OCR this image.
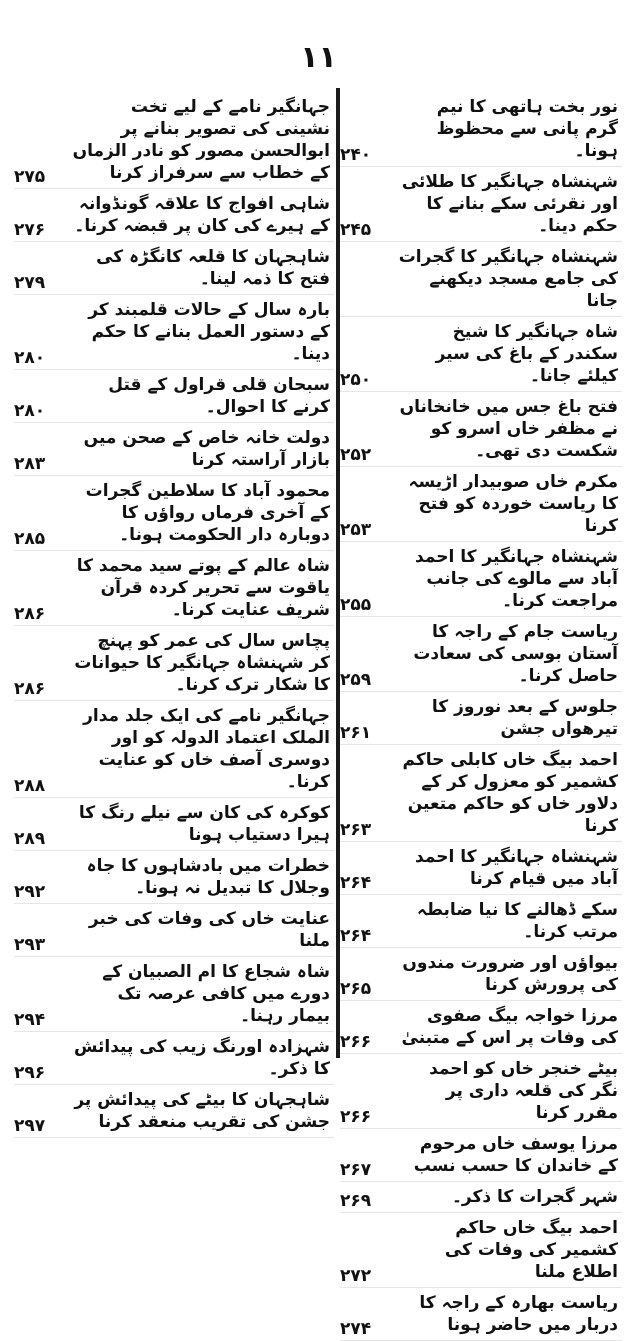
۱۱
نور بخت ہاتھی کا نیم گرم پانی سے محظوظ ہونا۔
۲۴۰
شہنشاہ جہانگیر کا طلائی اور نقرئی سکے بنانے کا حکم دینا۔
۲۴۵
شہنشاہ جہانگیر کا گجرات کی جامع مسجد دیکھنے جانا
شاہ جہانگیر کا شیخ سکندر کے باغ کی سیر کیلئے جانا۔
۲۵۰
فتح باغ جس میں خانخاناں نے مظفر خاں اسرو کو شکست دی تھی۔
۲۵۲
مکرم خاں صوبیدار اڑیسہ کا ریاست خوردہ کو فتح کرنا
۲۵۳
شہنشاہ جہانگیر کا احمد آباد سے مالوے کی جانب مراجعت کرنا۔
۲۵۵
ریاست جام کے راجہ کا آستان بوسی کی سعادت حاصل کرنا۔
۲۵۹
جلوس کے بعد نوروز کا تیرھواں جشن
۲۶۱
احمد بیگ خاں کابلی حاکم کشمیر کو معزول کر کے دلاور خاں کو حاکم متعین کرنا
۲۶۳
شہنشاہ جہانگیر کا احمد آباد میں قیام کرنا
۲۶۴
سکے ڈھالنے کا نیا ضابطہ مرتب کرنا۔
۲۶۴
بیواؤں اور ضرورت مندوں کی پرورش کرنا
۲۶۵
مرزا خواجہ بیگ صفوی کی وفات پر اس کے متبنیٰ
۲۶۶
بیٹے خنجر خاں کو احمد نگر کی قلعہ داری پر مقرر کرنا
۲۶۶
مرزا یوسف خاں مرحوم کے خاندان کا حسب نسب
۲۶۷
شہر گجرات کا ذکر۔
۲۶۹
احمد بیگ خاں حاکم کشمیر کی وفات کی اطلاع ملنا
۲۷۲
ریاست بھارہ کے راجہ کا دربار میں حاضر ہونا
۲۷۴
جہانگیر نامے کے لیے تخت نشینی کی تصویر بنانے پر ابوالحسن مصور کو نادر الزماں کے خطاب سے سرفراز کرنا
۲۷۵
شاہی افواج کا علاقہ گونڈوانہ کے ہیرے کی کان پر قبضہ کرنا۔
۲۷۶
شاہجہان کا قلعہ کانگڑہ کی فتح کا ذمہ لینا۔
۲۷۹
بارہ سال کے حالات قلمبند کر کے دستور العمل بنانے کا حکم دینا۔
۲۸۰
سبحان قلی قراول کے قتل کرنے کا احوال۔
۲۸۰
دولت خانہ خاص کے صحن میں بازار آراستہ کرنا
۲۸۳
محمود آباد کا سلاطین گجرات کے آخری فرماں رواؤں کا دوبارہ دار الحکومت ہونا۔
۲۸۵
شاہ عالم کے پوتے سید محمد کا یاقوت سے تحریر کردہ قرآن شریف عنایت کرنا۔
۲۸۶
پچاس سال کی عمر کو پہنچ کر شہنشاہ جہانگیر کا حیوانات کا شکار ترک کرنا۔
۲۸۶
جہانگیر نامے کی ایک جلد مدار الملک اعتماد الدولہ کو اور دوسری آصف خاں کو عنایت کرنا۔
۲۸۸
کوکرہ کی کان سے نیلے رنگ کا ہیرا دستیاب ہونا
۲۸۹
خطرات میں بادشاہوں کا جاہ وجلال کا تبدیل نہ ہونا۔
۲۹۲
عنایت خاں کی وفات کی خبر ملنا
۲۹۳
شاہ شجاع کا ام الصبیان کے دورے میں کافی عرصہ تک بیمار رہنا۔
۲۹۴
شہزادہ اورنگ زیب کی پیدائش کا ذکر۔
۲۹۶
شاہجہان کا بیٹے کی پیدائش پر جشن کی تقریب منعقد کرنا
۲۹۷
